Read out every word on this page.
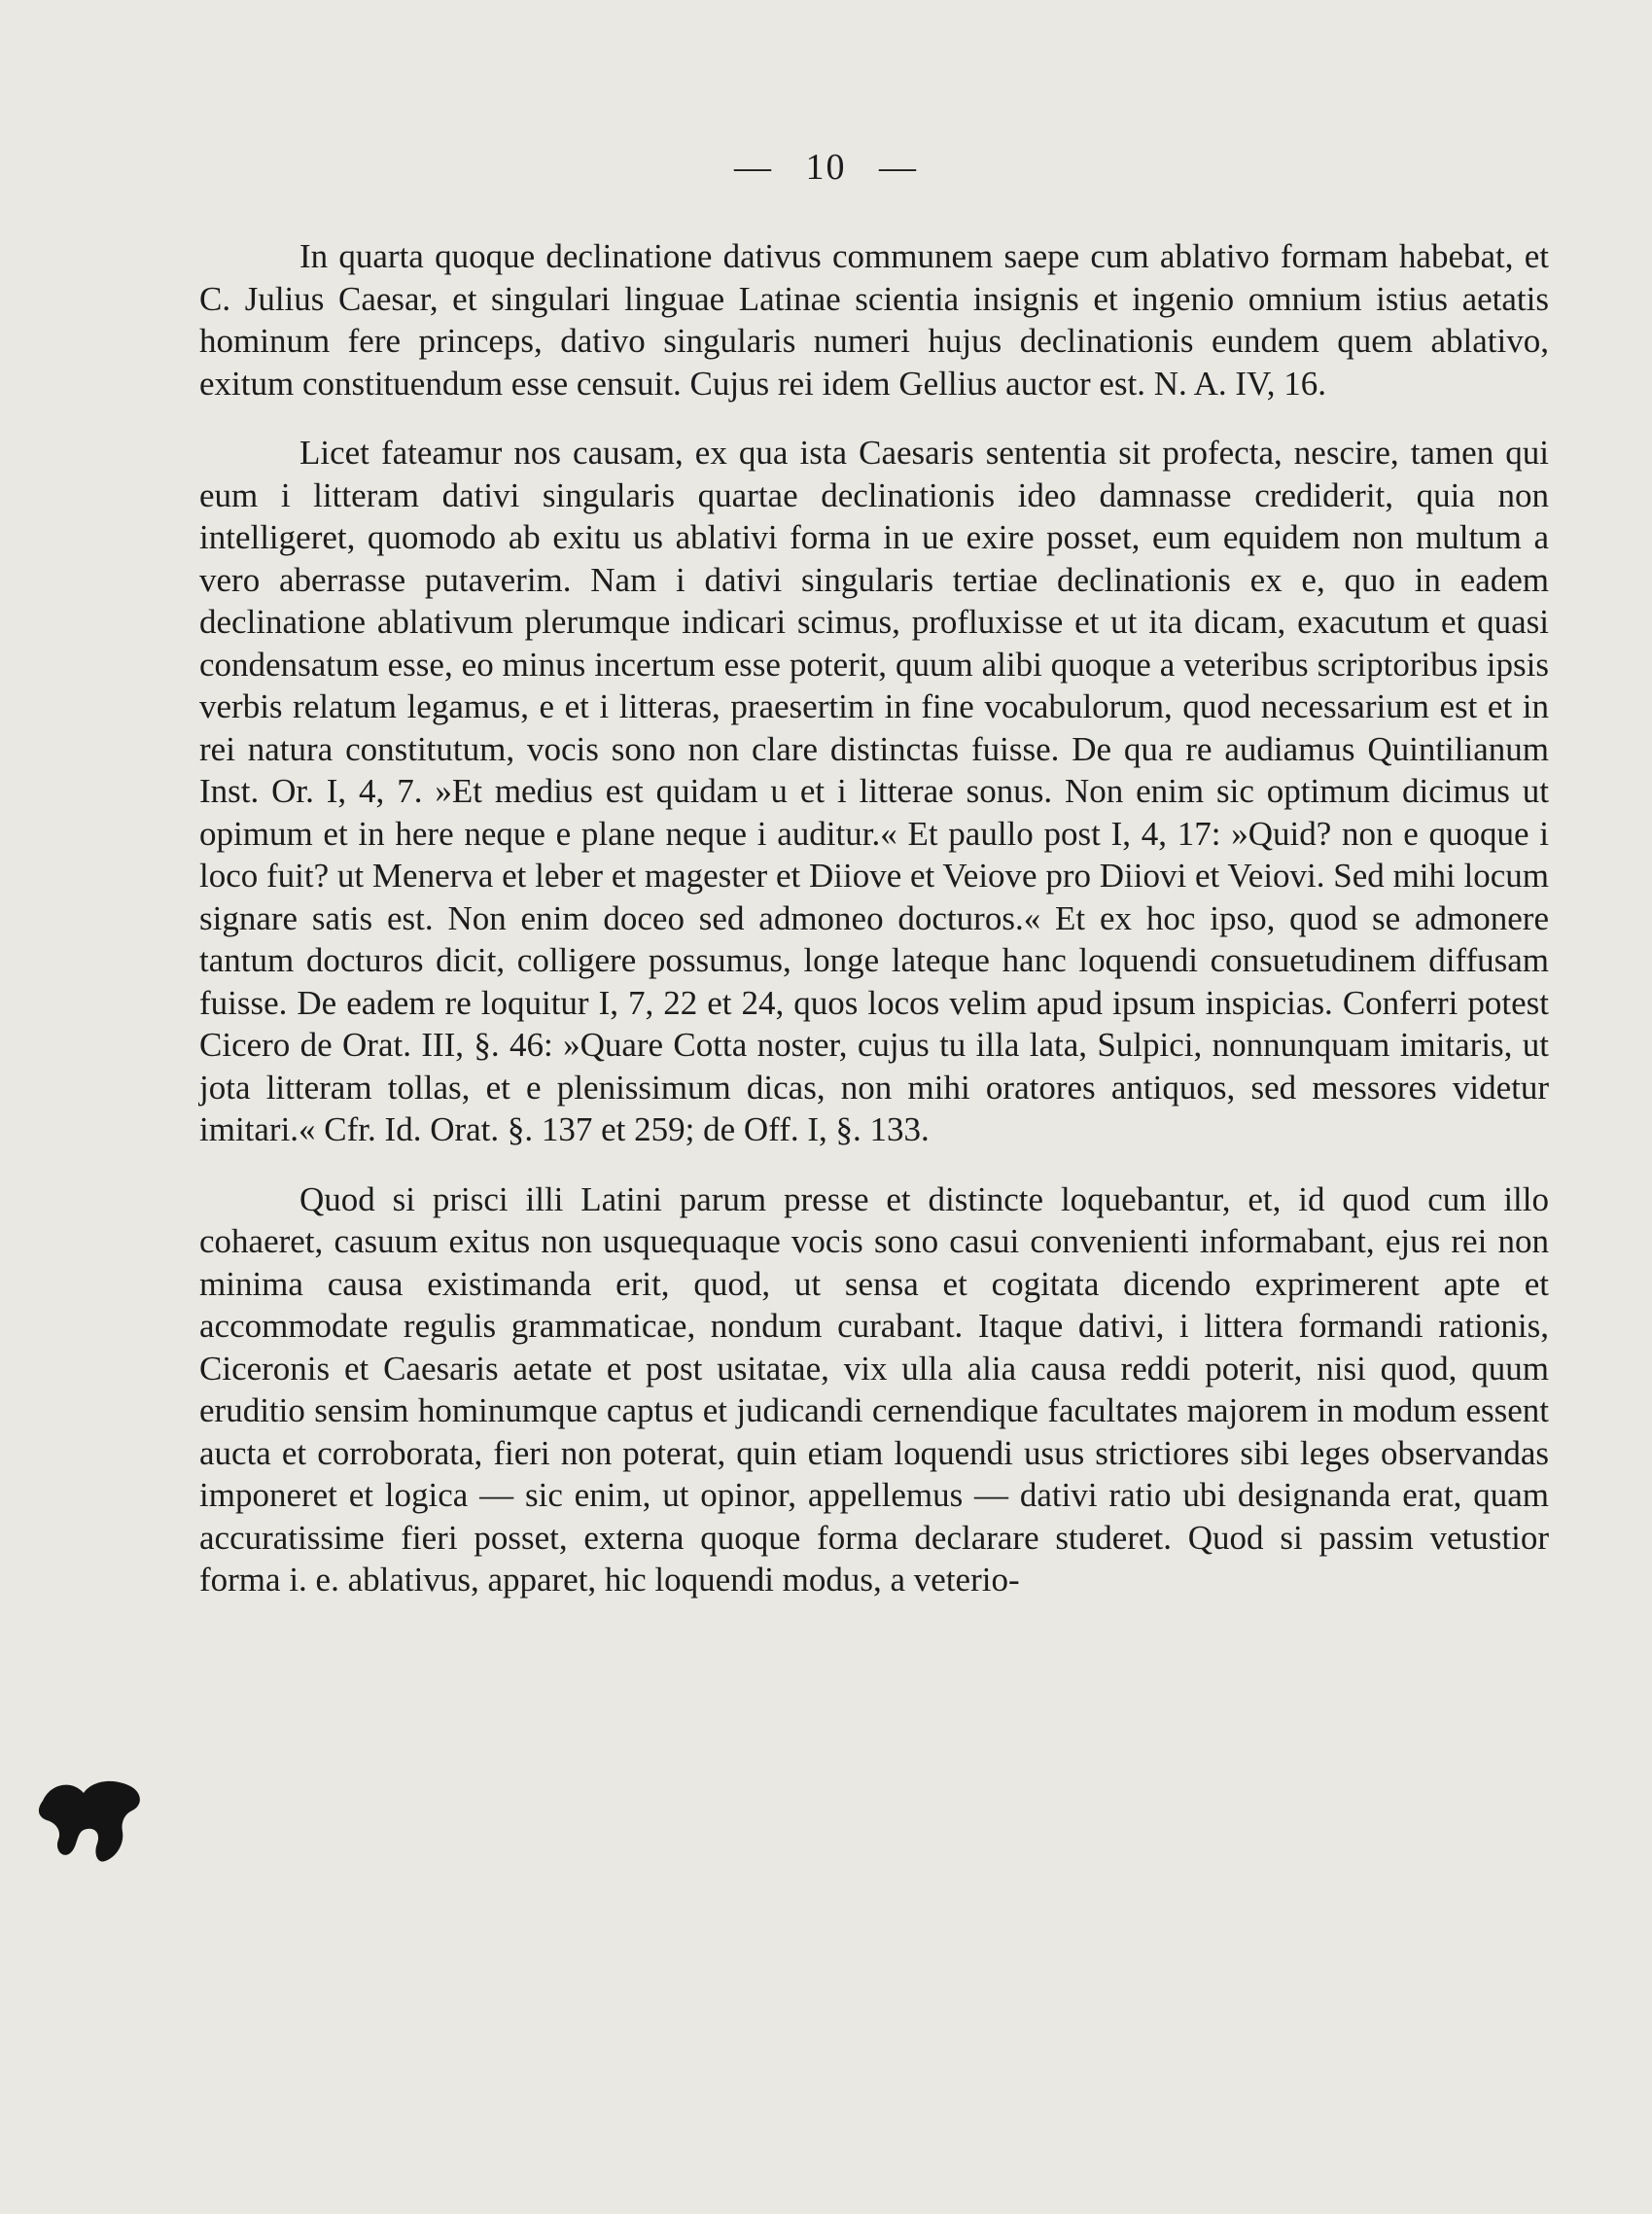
— 10 —

In quarta quoque declinatione dativus communem saepe cum ablativo formam habebat, et C. Julius Caesar, et singulari linguae Latinae scientia insignis et ingenio omnium istius aetatis hominum fere princeps, dativo singularis numeri hujus declinationis eundem quem ablativo, exitum constituendum esse censuit. Cujus rei idem Gellius auctor est. N. A. IV, 16.

Licet fateamur nos causam, ex qua ista Caesaris sententia sit profecta, nescire, tamen qui eum i litteram dativi singularis quartae declinationis ideo damnasse crediderit, quia non intelligeret, quomodo ab exitu us ablativi forma in ue exire posset, eum equidem non multum a vero aberrasse putaverim. Nam i dativi singularis tertiae declinationis ex e, quo in eadem declinatione ablativum plerumque indicari scimus, profluxisse et ut ita dicam, exacutum et quasi condensatum esse, eo minus incertum esse poterit, quum alibi quoque a veteribus scriptoribus ipsis verbis relatum legamus, e et i litteras, praesertim in fine vocabulorum, quod necessarium est et in rei natura constitutum, vocis sono non clare distinctas fuisse. De qua re audiamus Quintilianum Inst. Or. I, 4, 7. »Et medius est quidam u et i litterae sonus. Non enim sic optimum dicimus ut opimum et in here neque e plane neque i auditur.« Et paullo post I, 4, 17: »Quid? non e quoque i loco fuit? ut Menerva et leber et magester et Diiove et Veiove pro Diiovi et Veiovi. Sed mihi locum signare satis est. Non enim doceo sed admoneo docturos.« Et ex hoc ipso, quod se admonere tantum docturos dicit, colligere possumus, longe lateque hanc loquendi consuetudinem diffusam fuisse. De eadem re loquitur I, 7, 22 et 24, quos locos velim apud ipsum inspicias. Conferri potest Cicero de Orat. III, §. 46: »Quare Cotta noster, cujus tu illa lata, Sulpici, nonnunquam imitaris, ut jota litteram tollas, et e plenissimum dicas, non mihi oratores antiquos, sed messores videtur imitari.« Cfr. Id. Orat. §. 137 et 259; de Off. I, §. 133.

Quod si prisci illi Latini parum presse et distincte loquebantur, et, id quod cum illo cohaeret, casuum exitus non usquequaque vocis sono casui convenienti informabant, ejus rei non minima causa existimanda erit, quod, ut sensa et cogitata dicendo exprimerent apte et accommodate regulis grammaticae, nondum curabant. Itaque dativi, i littera formandi rationis, Ciceronis et Caesaris aetate et post usitatae, vix ulla alia causa reddi poterit, nisi quod, quum eruditio sensim hominumque captus et judicandi cernendique facultates majorem in modum essent aucta et corroborata, fieri non poterat, quin etiam loquendi usus strictiores sibi leges observandas imponeret et logica — sic enim, ut opinor, appellemus — dativi ratio ubi designanda erat, quam accuratissime fieri posset, externa quoque forma declarare studeret. Quod si passim vetustior forma i. e. ablativus, apparet, hic loquendi modus, a veterio-
